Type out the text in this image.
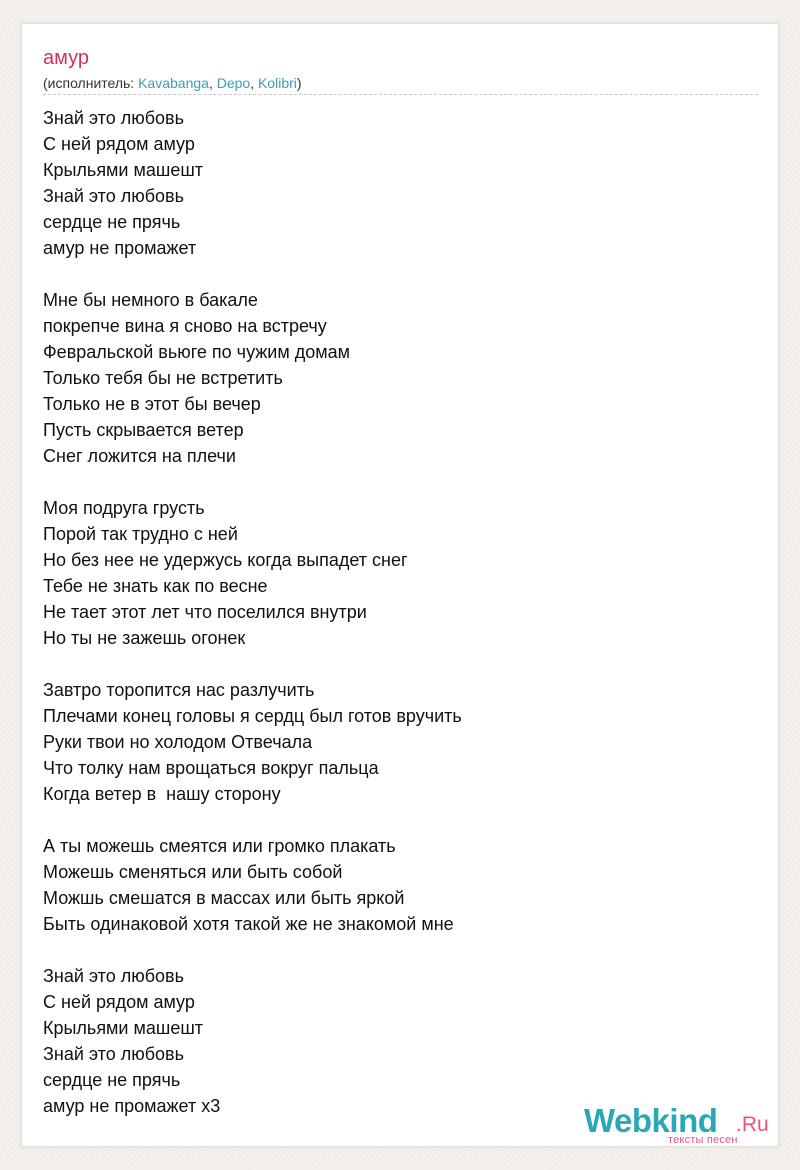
амур
(исполнитель: Kavabanga, Depo, Kolibri)
Знай это любовь
С ней рядом амур
Крыльями машешт
Знай это любовь
сердце не прячь
амур не промажет
Мне бы немного в бакале
покрепче вина я сново на встречу
Февральской вьюге по чужим домам
Только тебя бы не встретить
Только не в этот бы вечер
Пусть скрывается ветер
Снег ложится на плечи
Моя подруга грусть
Порой так трудно с ней
Но без нее не удержусь когда выпадет снег
Тебе не знать как по весне
Не тает этот лет что поселился внутри
Но ты не зажешь огонек
Завтро торопится нас разлучить
Плечами конец головы я сердц был готов вручить
Руки твои но холодом Отвечала
Что толку нам врощаться вокруг пальца
Когда ветер в  нашу сторону
А ты можешь смеятся или громко плакать
Можешь сменяться или быть собой
Можшь смешатся в массах или быть яркой
Быть одинаковой хотя такой же не знакомой мне
Знай это любовь
С ней рядом амур
Крыльями машешт
Знай это любовь
сердце не прячь
амур не промажет х3	Webkind .Ru
тексты песен
